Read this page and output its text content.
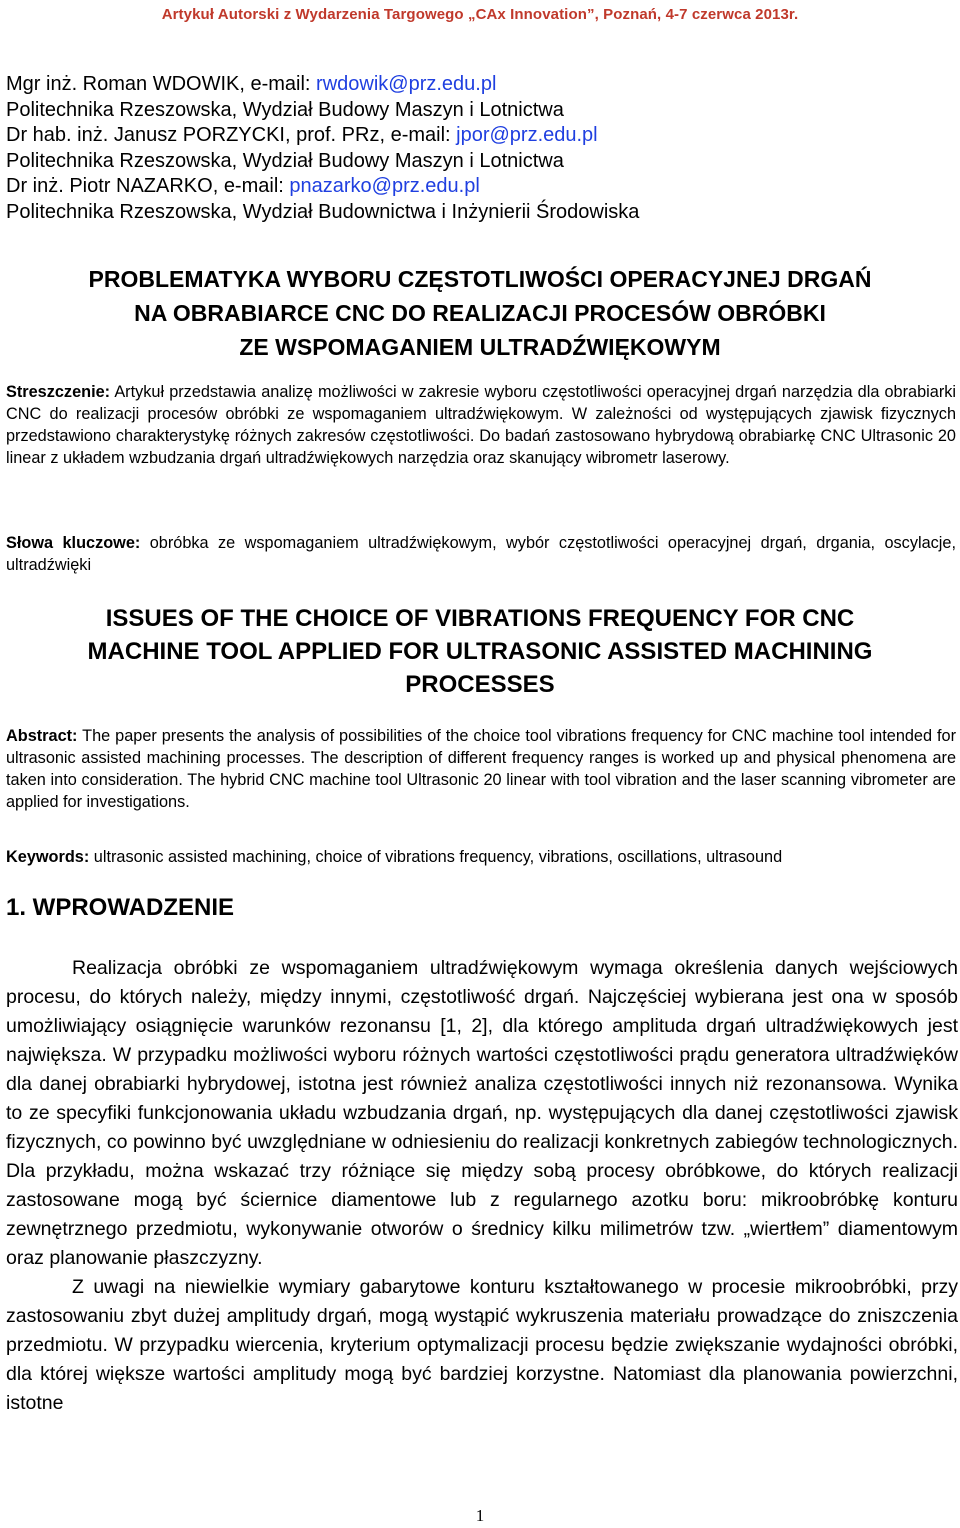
Artykuł Autorski z Wydarzenia Targowego „CAx Innovation”, Poznań, 4-7 czerwca 2013r.
Mgr inż. Roman WDOWIK, e-mail: rwdowik@prz.edu.pl
Politechnika Rzeszowska, Wydział Budowy Maszyn i Lotnictwa
Dr hab. inż. Janusz PORZYCKI, prof. PRz, e-mail: jpor@prz.edu.pl
Politechnika Rzeszowska, Wydział Budowy Maszyn i Lotnictwa
Dr inż. Piotr NAZARKO, e-mail: pnazarko@prz.edu.pl
Politechnika Rzeszowska, Wydział Budownictwa i Inżynierii Środowiska
PROBLEMATYKA WYBORU CZĘSTOTLIWOŚCI OPERACYJNEJ DRGAŃ
NA OBRABIARCE CNC DO REALIZACJI PROCESÓW OBRÓBKI
ZE WSPOMAGANIEM ULTRADŹWIĘKOWYM
Streszczenie: Artykuł przedstawia analizę możliwości w zakresie wyboru częstotliwości operacyjnej drgań narzędzia dla obrabiarki CNC do realizacji procesów obróbki ze wspomaganiem ultradźwiękowym. W zależności od występujących zjawisk fizycznych przedstawiono charakterystykę różnych zakresów częstotliwości. Do badań zastosowano hybrydową obrabiarkę CNC Ultrasonic 20 linear z układem wzbudzania drgań ultradźwiękowych narzędzia oraz skanujący wibrometr laserowy.
Słowa kluczowe: obróbka ze wspomaganiem ultradźwiękowym, wybór częstotliwości operacyjnej drgań, drgania, oscylacje, ultradźwięki
ISSUES OF THE CHOICE OF VIBRATIONS FREQUENCY FOR CNC
MACHINE TOOL APPLIED FOR ULTRASONIC ASSISTED MACHINING
PROCESSES
Abstract: The paper presents the analysis of possibilities of the choice tool vibrations frequency for CNC machine tool intended for ultrasonic assisted machining processes. The description of different frequency ranges is worked up and physical phenomena are taken into consideration. The hybrid CNC machine tool Ultrasonic 20 linear with tool vibration and the laser scanning vibrometer are applied for investigations.
Keywords: ultrasonic assisted machining, choice of vibrations frequency, vibrations, oscillations, ultrasound
1. WPROWADZENIE

Realizacja obróbki ze wspomaganiem ultradźwiękowym wymaga określenia danych wejściowych procesu, do których należy, między innymi, częstotliwość drgań. Najczęściej wybierana jest ona w sposób umożliwiający osiągnięcie warunków rezonansu [1, 2], dla którego amplituda drgań ultradźwiękowych jest największa. W przypadku możliwości wyboru różnych wartości częstotliwości prądu generatora ultradźwięków dla danej obrabiarki hybrydowej, istotna jest również analiza częstotliwości innych niż rezonansowa. Wynika to ze specyfiki funkcjonowania układu wzbudzania drgań, np. występujących dla danej częstotliwości zjawisk fizycznych, co powinno być uwzględniane w odniesieniu do realizacji konkretnych zabiegów technologicznych. Dla przykładu, można wskazać trzy różniące się między sobą procesy obróbkowe, do których realizacji zastosowane mogą być ściernice diamentowe lub z regularnego azotku boru: mikroobróbkę konturu zewnętrznego przedmiotu, wykonywanie otworów o średnicy kilku milimetrów tzw. „wiertłem” diamentowym oraz planowanie płaszczyzny.

Z uwagi na niewielkie wymiary gabarytowe konturu kształtowanego w procesie mikroobróbki, przy zastosowaniu zbyt dużej amplitudy drgań, mogą wystąpić wykruszenia materiału prowadzące do zniszczenia przedmiotu. W przypadku wiercenia, kryterium optymalizacji procesu będzie zwiększanie wydajności obróbki, dla której większe wartości amplitudy mogą być bardziej korzystne. Natomiast dla planowania powierzchni, istotne

1
